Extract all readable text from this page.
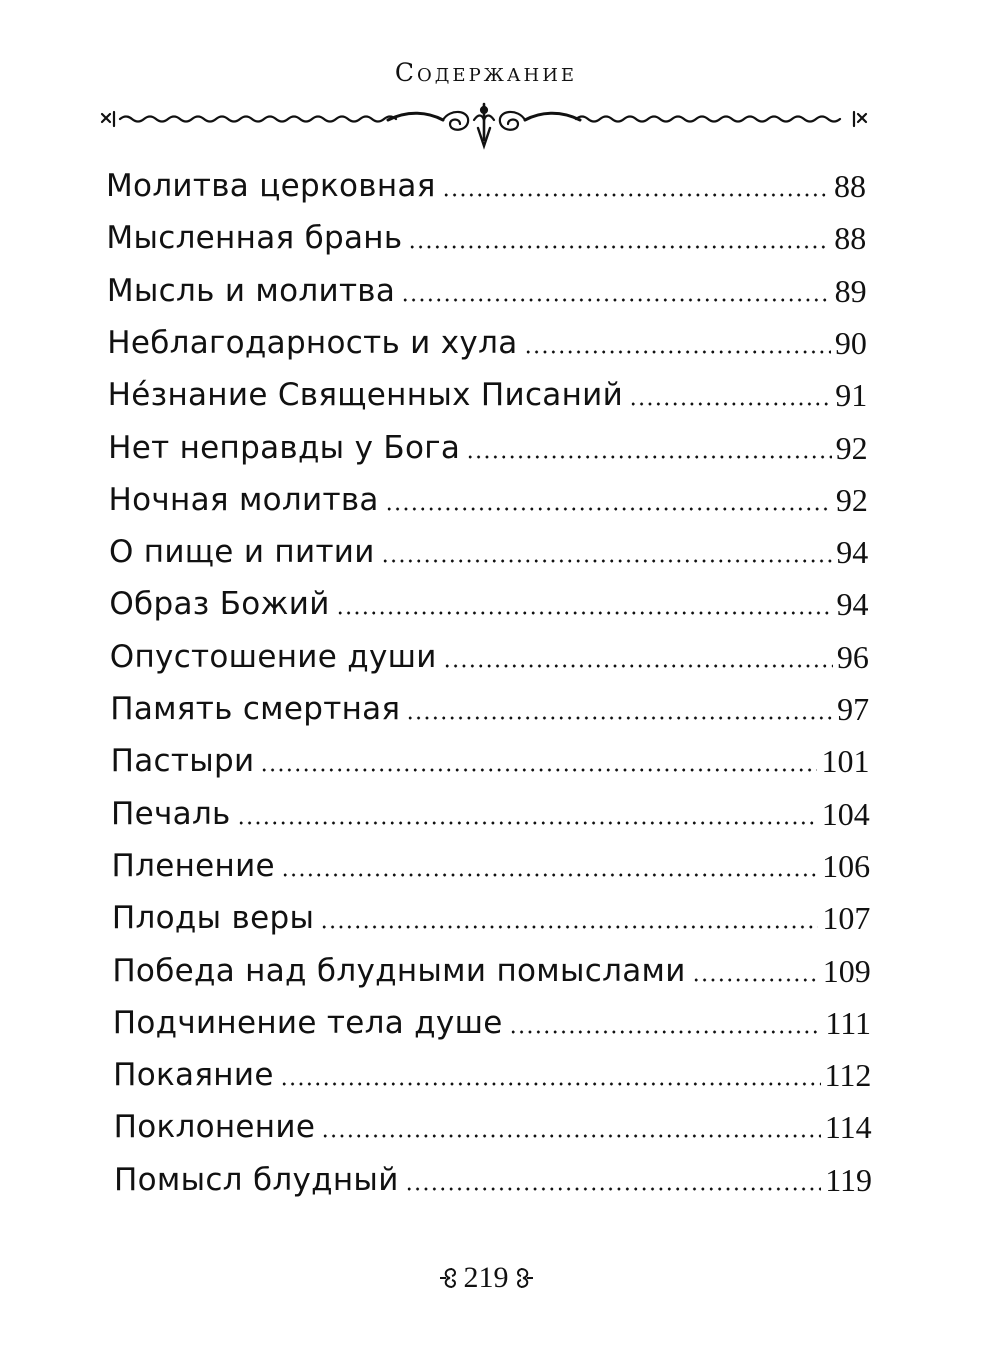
Содержание
Молитва церковная	88
Мысленная брань	88
Мысль и молитва	89
Неблагодарность и хула	90
Не́знание Священных Писаний	91
Нет неправды у Бога	92
Ночная молитва	92
О пище и питии	94
Образ Божий	94
Опустошение души	96
Память смертная	97
Пастыри	101
Печаль	104
Пленение	106
Плоды веры	107
Победа над блудными помыслами	109
Подчинение тела душе	111
Покаяние	112
Поклонение	114
Помысл блудный	119
219
